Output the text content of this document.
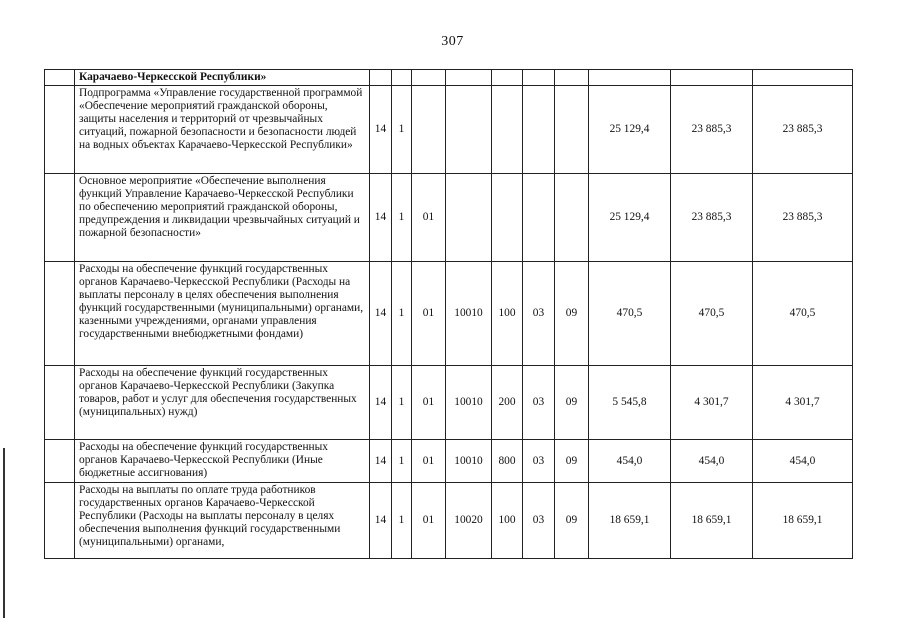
307
	Карачаево-Черкесской Республики»										
	Подпрограмма «Управление государственной программой «Обеспечение мероприятий гражданской обороны, защиты населения и территорий от чрезвычайных ситуаций, пожарной безопасности и безопасности людей на водных объектах Карачаево-Черкесской Республики»	14	1						25 129,4	23 885,3	23 885,3
	Основное мероприятие «Обеспечение выполнения функций Управление Карачаево-Черкесской Республики по обеспечению мероприятий гражданской обороны, предупреждения и ликвидации чрезвычайных ситуаций и пожарной безопасности»	14	1	01					25 129,4	23 885,3	23 885,3
	Расходы на обеспечение функций государственных органов Карачаево-Черкесской Республики (Расходы на выплаты персоналу в целях обеспечения выполнения функций государственными (муниципальными) органами, казенными учреждениями, органами управления государственными внебюджетными фондами)	14	1	01	10010	100	03	09	470,5	470,5	470,5
	Расходы на обеспечение функций государственных органов Карачаево-Черкесской Республики (Закупка товаров, работ и услуг для обеспечения государственных (муниципальных) нужд)	14	1	01	10010	200	03	09	5 545,8	4 301,7	4 301,7
	Расходы на обеспечение функций государственных органов Карачаево-Черкесской Республики (Иные бюджетные ассигнования)	14	1	01	10010	800	03	09	454,0	454,0	454,0
	Расходы на выплаты по оплате труда работников государственных органов Карачаево-Черкесской Республики (Расходы на выплаты персоналу в целях обеспечения выполнения функций государственными (муниципальными) органами,	14	1	01	10020	100	03	09	18 659,1	18 659,1	18 659,1
